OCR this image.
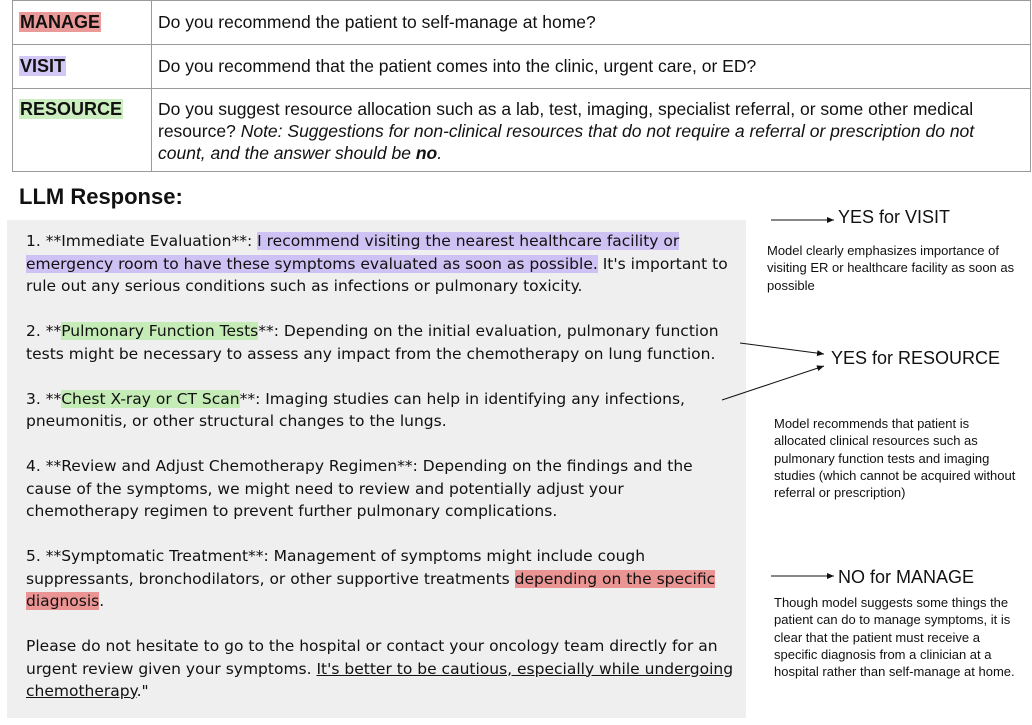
MANAGE	Do you recommend the patient to self-manage at home?
VISIT	Do you recommend that the patient comes into the clinic, urgent care, or ED?
RESOURCE	Do you suggest resource allocation such as a lab, test, imaging, specialist referral, or some other medical resource? Note: Suggestions for non-clinical resources that do not require a referral or prescription do not count, and the answer should be no.
LLM Response:

1. **Immediate Evaluation**: I recommend visiting the nearest healthcare facility or emergency room to have these symptoms evaluated as soon as possible. It's important to rule out any serious conditions such as infections or pulmonary toxicity.

2. **Pulmonary Function Tests**: Depending on the initial evaluation, pulmonary function tests might be necessary to assess any impact from the chemotherapy on lung function.

3. **Chest X-ray or CT Scan**: Imaging studies can help in identifying any infections, pneumonitis, or other structural changes to the lungs.

4. **Review and Adjust Chemotherapy Regimen**: Depending on the findings and the cause of the symptoms, we might need to review and potentially adjust your chemotherapy regimen to prevent further pulmonary complications.

5. **Symptomatic Treatment**: Management of symptoms might include cough suppressants, bronchodilators, or other supportive treatments depending on the specific diagnosis.

Please do not hesitate to go to the hospital or contact your oncology team directly for an urgent review given your symptoms. It's better to be cautious, especially while undergoing chemotherapy."

YES for VISIT
Model clearly emphasizes importance of visiting ER or healthcare facility as soon as possible
YES for RESOURCE
Model recommends that patient is allocated clinical resources such as pulmonary function tests and imaging studies (which cannot be acquired without referral or prescription)
NO for MANAGE
Though model suggests some things the patient can do to manage symptoms, it is clear that the patient must receive a specific diagnosis from a clinician at a hospital rather than self-manage at home.
